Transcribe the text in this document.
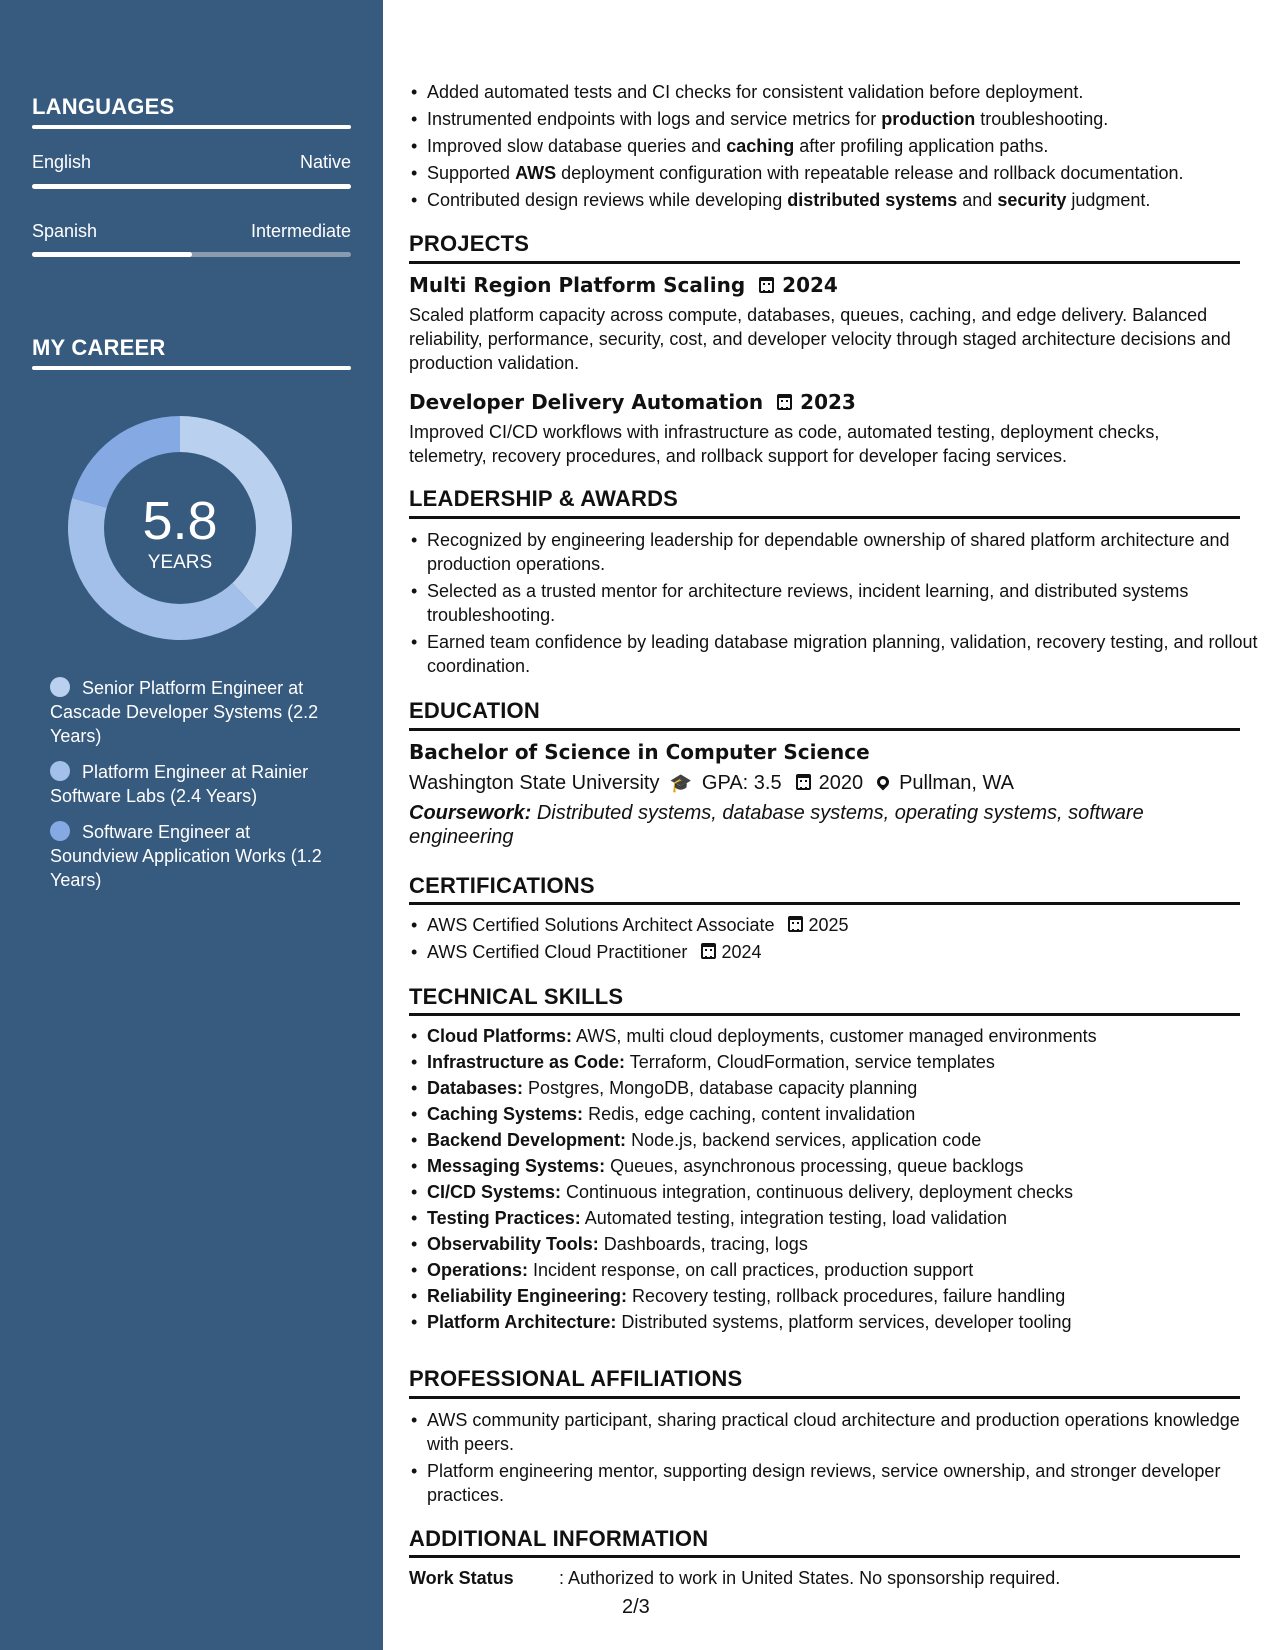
LANGUAGES
English	Native
Spanish	Intermediate
MY CAREER
5.8
YEARS
Senior Platform Engineer at Cascade Developer Systems (2.2 Years)
Platform Engineer at Rainier Software Labs (2.4 Years)
Software Engineer at Soundview Application Works (1.2 Years)
• Added automated tests and CI checks for consistent validation before deployment.
• Instrumented endpoints with logs and service metrics for production troubleshooting.
• Improved slow database queries and caching after profiling application paths.
• Supported AWS deployment configuration with repeatable release and rollback documentation.
• Contributed design reviews while developing distributed systems and security judgment.
PROJECTS
Multi Region Platform Scaling 2024
Scaled platform capacity across compute, databases, queues, caching, and edge delivery. Balanced reliability, performance, security, cost, and developer velocity through staged architecture decisions and production validation.
Developer Delivery Automation 2023
Improved CI/CD workflows with infrastructure as code, automated testing, deployment checks, telemetry, recovery procedures, and rollback support for developer facing services.
LEADERSHIP & AWARDS
• Recognized by engineering leadership for dependable ownership of shared platform architecture and production operations.
• Selected as a trusted mentor for architecture reviews, incident learning, and distributed systems troubleshooting.
• Earned team confidence by leading database migration planning, validation, recovery testing, and rollout coordination.
EDUCATION
Bachelor of Science in Computer Science
Washington State University 🎓 GPA: 3.5 2020 Pullman, WA
Coursework: Distributed systems, database systems, operating systems, software engineering
CERTIFICATIONS
• AWS Certified Solutions Architect Associate 2025
• AWS Certified Cloud Practitioner 2024
TECHNICAL SKILLS
• Cloud Platforms: AWS, multi cloud deployments, customer managed environments
• Infrastructure as Code: Terraform, CloudFormation, service templates
• Databases: Postgres, MongoDB, database capacity planning
• Caching Systems: Redis, edge caching, content invalidation
• Backend Development: Node.js, backend services, application code
• Messaging Systems: Queues, asynchronous processing, queue backlogs
• CI/CD Systems: Continuous integration, continuous delivery, deployment checks
• Testing Practices: Automated testing, integration testing, load validation
• Observability Tools: Dashboards, tracing, logs
• Operations: Incident response, on call practices, production support
• Reliability Engineering: Recovery testing, rollback procedures, failure handling
• Platform Architecture: Distributed systems, platform services, developer tooling
PROFESSIONAL AFFILIATIONS
• AWS community participant, sharing practical cloud architecture and production operations knowledge with peers.
• Platform engineering mentor, supporting design reviews, service ownership, and stronger developer practices.
ADDITIONAL INFORMATION
Work Status	: Authorized to work in United States. No sponsorship required.
2/3
